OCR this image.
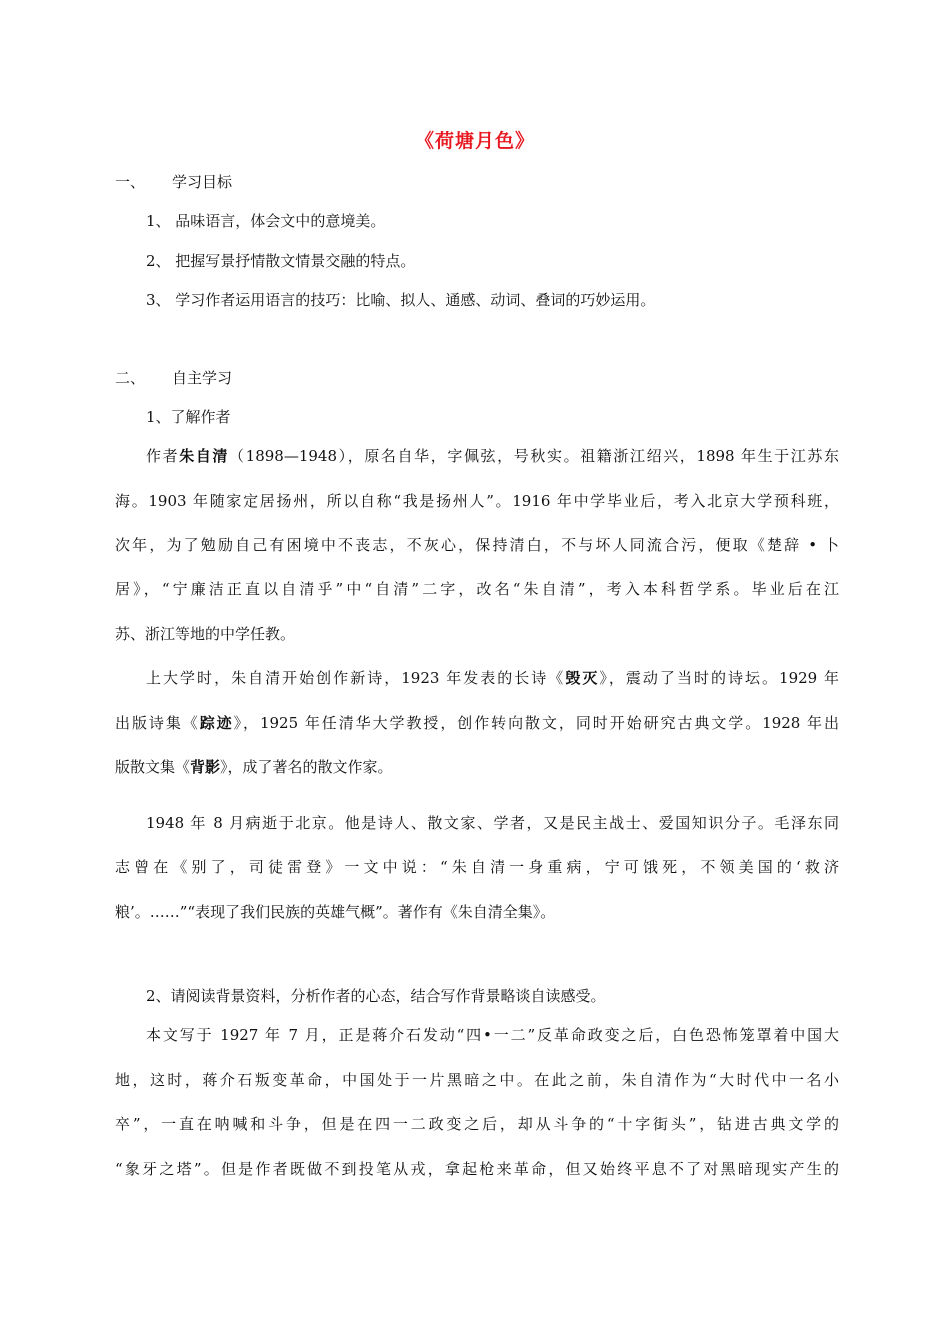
《荷塘月色》
一、 学习目标
1、 品味语言，体会文中的意境美。
2、 把握写景抒情散文情景交融的特点。
3、 学习作者运用语言的技巧：比喻、拟人、通感、动词、叠词的巧妙运用。
二、 自主学习
1、了解作者
作者朱自清（1898—1948），原名自华，字佩弦，号秋实。祖籍浙江绍兴，1898 年生于江苏东
海。1903 年随家定居扬州，所以自称“我是扬州人”。1916 年中学毕业后，考入北京大学预科班，
次年，为了勉励自己有困境中不丧志，不灰心，保持清白，不与坏人同流合污，便取《楚辞 • 卜
居》，“宁廉洁正直以自清乎”中“自清”二字，改名“朱自清”，考入本科哲学系。毕业后在江
苏、浙江等地的中学任教。
上大学时，朱自清开始创作新诗，1923 年发表的长诗《毁灭》，震动了当时的诗坛。1929 年
出版诗集《踪迹》，1925 年任清华大学教授，创作转向散文，同时开始研究古典文学。1928 年出
版散文集《背影》，成了著名的散文作家。
1948 年 8 月病逝于北京。他是诗人、散文家、学者，又是民主战士、爱国知识分子。毛泽东同
志曾在《别了，司徒雷登》一文中说：“朱自清一身重病，宁可饿死，不领美国的‘救济
粮’。……”“表现了我们民族的英雄气概”。著作有《朱自清全集》。
2、请阅读背景资料，分析作者的心态，结合写作背景略谈自读感受。
本文写于 1927 年 7 月，正是蒋介石发动“四•一二”反革命政变之后，白色恐怖笼罩着中国大
地，这时，蒋介石叛变革命，中国处于一片黑暗之中。在此之前，朱自清作为“大时代中一名小
卒”，一直在呐喊和斗争，但是在四一二政变之后，却从斗争的“十字街头”，钻进古典文学的
“象牙之塔”。但是作者既做不到投笔从戎，拿起枪来革命，但又始终平息不了对黑暗现实产生的
